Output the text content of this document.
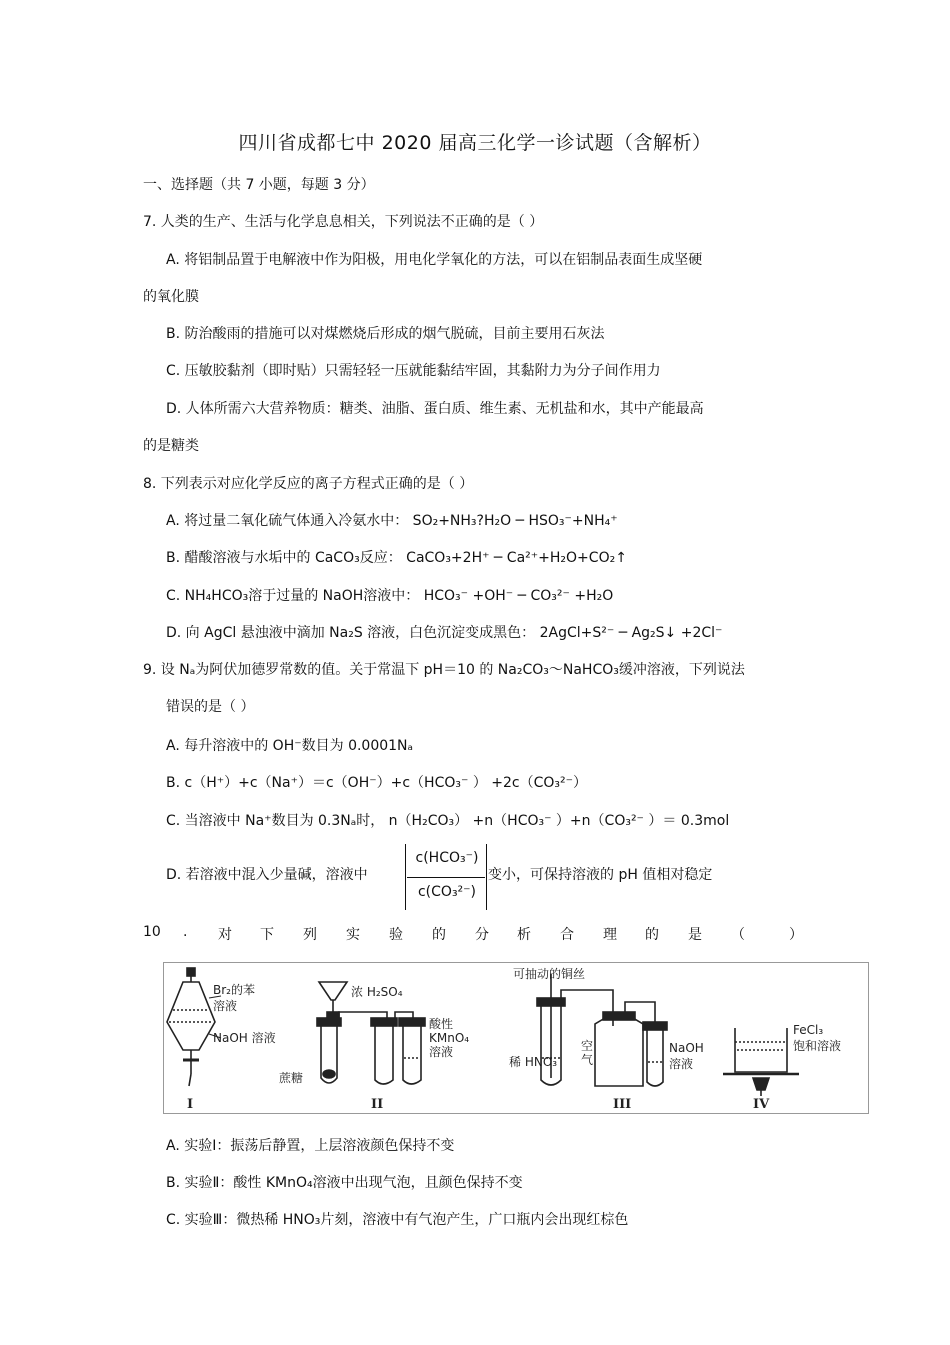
四川省成都七中 2020 届高三化学一诊试题（含解析）
一、选择题（共 7 小题，每题 3 分）
7. 人类的生产、生活与化学息息相关，下列说法不正确的是（ ）
A. 将铝制品置于电解液中作为阳极，用电化学氧化的方法，可以在铝制品表面生成坚硬
的氧化膜
B. 防治酸雨的措施可以对煤燃烧后形成的烟气脱硫，目前主要用石灰法
C. 压敏胶黏剂（即时贴）只需轻轻一压就能黏结牢固，其黏附力为分子间作用力
D. 人体所需六大营养物质：糖类、油脂、蛋白质、维生素、无机盐和水，其中产能最高
的是糖类
8. 下列表示对应化学反应的离子方程式正确的是（ ）
A. 将过量二氧化硫气体通入冷氨水中： SO₂+NH₃?H₂O ─ HSO₃⁻+NH₄⁺
B. 醋酸溶液与水垢中的 CaCO₃反应： CaCO₃+2H⁺ ─ Ca²⁺+H₂O+CO₂↑
C. NH₄HCO₃溶于过量的 NaOH溶液中： HCO₃⁻ +OH⁻ ─ CO₃²⁻ +H₂O
D. 向 AgCl 悬浊液中滴加 Na₂S 溶液，白色沉淀变成黑色： 2AgCl+S²⁻ ─ Ag₂S↓ +2Cl⁻
9. 设 Nₐ为阿伏加德罗常数的值。关于常温下 pH＝10 的 Na₂CO₃～NaHCO₃缓冲溶液，下列说法
错误的是（ ）
A. 每升溶液中的 OH⁻数目为 0.0001Nₐ
B. c（H⁺）+c（Na⁺）＝c（OH⁻）+c（HCO₃⁻ ） +2c（CO₃²⁻）
C. 当溶液中 Na⁺数目为 0.3Nₐ时， n（H₂CO₃） +n（HCO₃⁻ ）+n（CO₃²⁻ ）＝ 0.3mol
D. 若溶液中混入少量碱，溶液中
c(HCO₃⁻)
c(CO₃²⁻)
变小，可保持溶液的 pH 值相对稳定
10 . 对 下 列 实 验 的 分 析 合 理 的 是 （	）
Br₂的苯
溶液
NaOH 溶液
I
浓 H₂SO₄
酸性
KMnO₄
溶液
蔗糖
II
可抽动的铜丝
稀 HNO₃
空
气
NaOH
溶液
III
FeCl₃
饱和溶液
IV
A. 实验Ⅰ：振荡后静置，上层溶液颜色保持不变
B. 实验Ⅱ：酸性 KMnO₄溶液中出现气泡，且颜色保持不变
C. 实验Ⅲ：微热稀 HNO₃片刻，溶液中有气泡产生，广口瓶内会出现红棕色
